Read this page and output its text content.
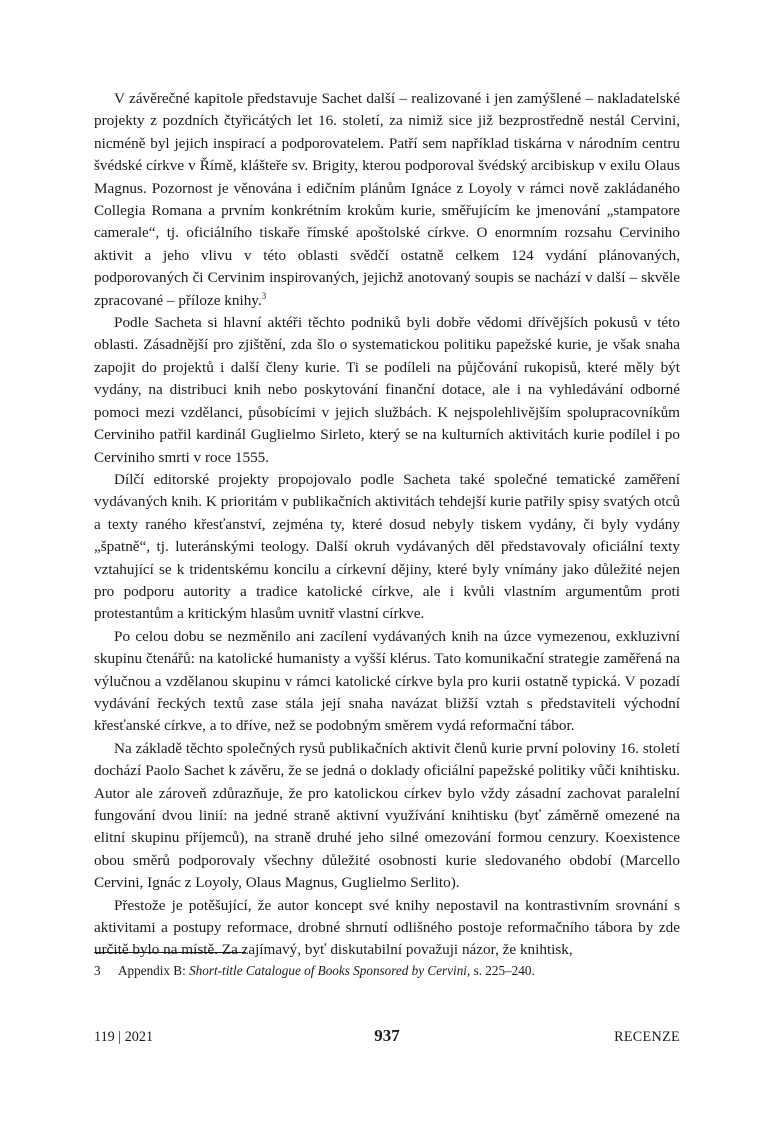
V závěrečné kapitole představuje Sachet další – realizované i jen zamýšlené – nakladatelské projekty z pozdních čtyřicátých let 16. století, za nimiž sice již bezprostředně nestál Cervini, nicméně byl jejich inspirací a podporovatelem. Patří sem například tiskárna v národním centru švédské církve v Římě, klášteře sv. Brigity, kterou podporoval švédský arcibiskup v exilu Olaus Magnus. Pozornost je věnována i edičním plánům Ignáce z Loyoly v rámci nově zakládaného Collegia Romana a prvním konkrétním krokům kurie, směřujícím ke jmenování „stampatore camerale“, tj. oficiálního tiskaře římské apoštolské církve. O enormním rozsahu Cerviniho aktivit a jeho vlivu v této oblasti svědčí ostatně celkem 124 vydání plánovaných, podporovaných či Cervinim inspirovaných, jejichž anotovaný soupis se nachází v další – skvěle zpracované – příloze knihy.$^3$

Podle Sacheta si hlavní aktéři těchto podniků byli dobře vědomi dřívějších pokusů v této oblasti. Zásadnější pro zjištění, zda šlo o systematickou politiku papežské kurie, je však snaha zapojit do projektů i další členy kurie. Ti se podíleli na půjčování rukopisů, které měly být vydány, na distribuci knih nebo poskytování finanční dotace, ale i na vyhledávání odborné pomoci mezi vzdělanci, působícími v jejich službách. K nejspolehlivějším spolupracovníkům Cerviniho patřil kardinál Guglielmo Sirleto, který se na kulturních aktivitách kurie podílel i po Cerviniho smrti v roce 1555.

Dílčí editorské projekty propojovalo podle Sacheta také společné tematické zaměření vydávaných knih. K prioritám v publikačních aktivitách tehdejší kurie patřily spisy svatých otců a texty raného křesťanství, zejména ty, které dosud nebyly tiskem vydány, či byly vydány „špatně“, tj. luteránskými teology. Další okruh vydávaných děl představovaly oficiální texty vztahující se k tridentskému koncilu a církevní dějiny, které byly vnímány jako důležité nejen pro podporu autority a tradice katolické církve, ale i kvůli vlastním argumentům proti protestantům a kritickým hlasům uvnitř vlastní církve.

Po celou dobu se nezměnilo ani zacílení vydávaných knih na úzce vymezenou, exkluzivní skupinu čtenářů: na katolické humanisty a vyšší klérus. Tato komunikační strategie zaměřená na výlučnou a vzdělanou skupinu v rámci katolické církve byla pro kurii ostatně typická. V pozadí vydávání řeckých textů zase stála její snaha navázat bližší vztah s představiteli východní křesťanské církve, a to dříve, než se podobným směrem vydá reformační tábor.

Na základě těchto společných rysů publikačních aktivit členů kurie první poloviny 16. století dochází Paolo Sachet k závěru, že se jedná o doklady oficiální papežské politiky vůči knihtisku. Autor ale zároveň zdůrazňuje, že pro katolickou církev bylo vždy zásadní zachovat paralelní fungování dvou linií: na jedné straně aktivní využívání knihtisku (byť záměrně omezené na elitní skupinu příjemců), na straně druhé jeho silné omezování formou cenzury. Koexistence obou směrů podporovaly všechny důležité osobnosti kurie sledovaného období (Marcello Cervini, Ignác z Loyoly, Olaus Magnus, Guglielmo Serlito).

Přestože je potěšující, že autor koncept své knihy nepostavil na kontrastivním srovnání s aktivitami a postupy reformace, drobné shrnutí odlišného postoje reformačního tábora by zde určitě bylo na místě. Za zajímavý, byť diskutabilní považuji názor, že knihtisk,

3 Appendix B: Short-title Catalogue of Books Sponsored by Cervini, s. 225–240.
119 | 2021	937	RECENZE
